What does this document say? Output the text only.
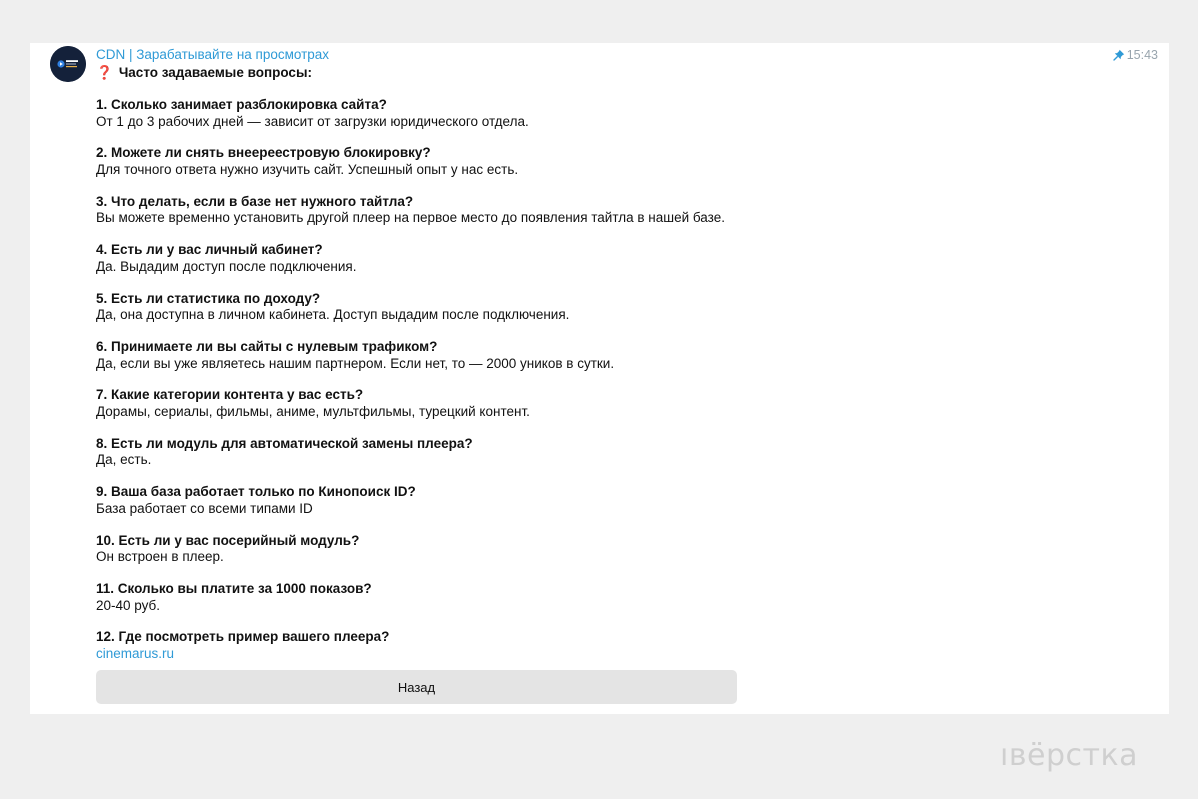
CDN | Зарабатывайте на просмотрах	15:43
❓ Часто задаваемые вопросы:
1. Сколько занимает разблокировка сайта?
От 1 до 3 рабочих дней — зависит от загрузки юридического отдела.
2. Можете ли снять внеереестровую блокировку?
Для точного ответа нужно изучить сайт. Успешный опыт у нас есть.
3. Что делать, если в базе нет нужного тайтла?
Вы можете временно установить другой плеер на первое место до появления тайтла в нашей базе.
4. Есть ли у вас личный кабинет?
Да. Выдадим доступ после подключения.
5. Есть ли статистика по доходу?
Да, она доступна в личном кабинета. Доступ выдадим после подключения.
6. Принимаете ли вы сайты с нулевым трафиком?
Да, если вы уже являетесь нашим партнером. Если нет, то — 2000 уников в сутки.
7. Какие категории контента у вас есть?
Дорамы, сериалы, фильмы, аниме, мультфильмы, турецкий контент.
8. Есть ли модуль для автоматической замены плеера?
Да, есть.
9. Ваша база работает только по Кинопоиск ID?
База работает со всеми типами ID
10. Есть ли у вас посерийный модуль?
Он встроен в плеер.
11. Сколько вы платите за 1000 показов?
20-40 руб.
12. Где посмотреть пример вашего плеера?
cinemarus.ru
Назад
ıвёрстка
